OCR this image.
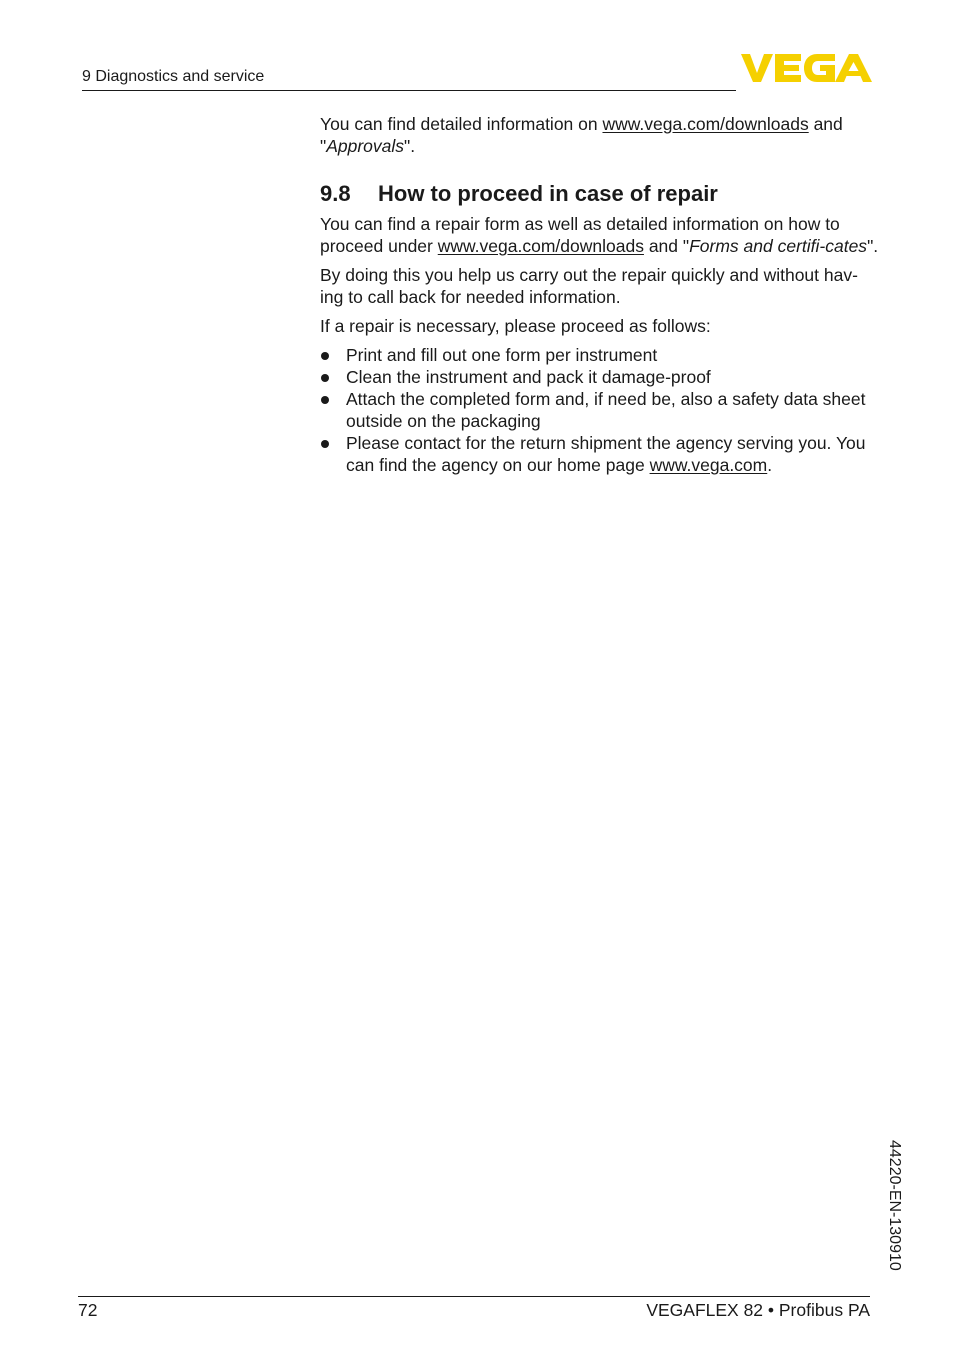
9 Diagnostics and service

You can find detailed information on www.vega.com/downloads and "Approvals".

9.8 How to proceed in case of repair

You can find a repair form as well as detailed information on how to proceed under www.vega.com/downloads and "Forms and certifi-cates".

By doing this you help us carry out the repair quickly and without hav-ing to call back for needed information.

If a repair is necessary, please proceed as follows:

Print and fill out one form per instrument
Clean the instrument and pack it damage-proof
Attach the completed form and, if need be, also a safety data sheet outside on the packaging
Please contact for the return shipment the agency serving you. You can find the agency on our home page www.vega.com.
44220-EN-130910
72	VEGAFLEX 82 • Profibus PA
